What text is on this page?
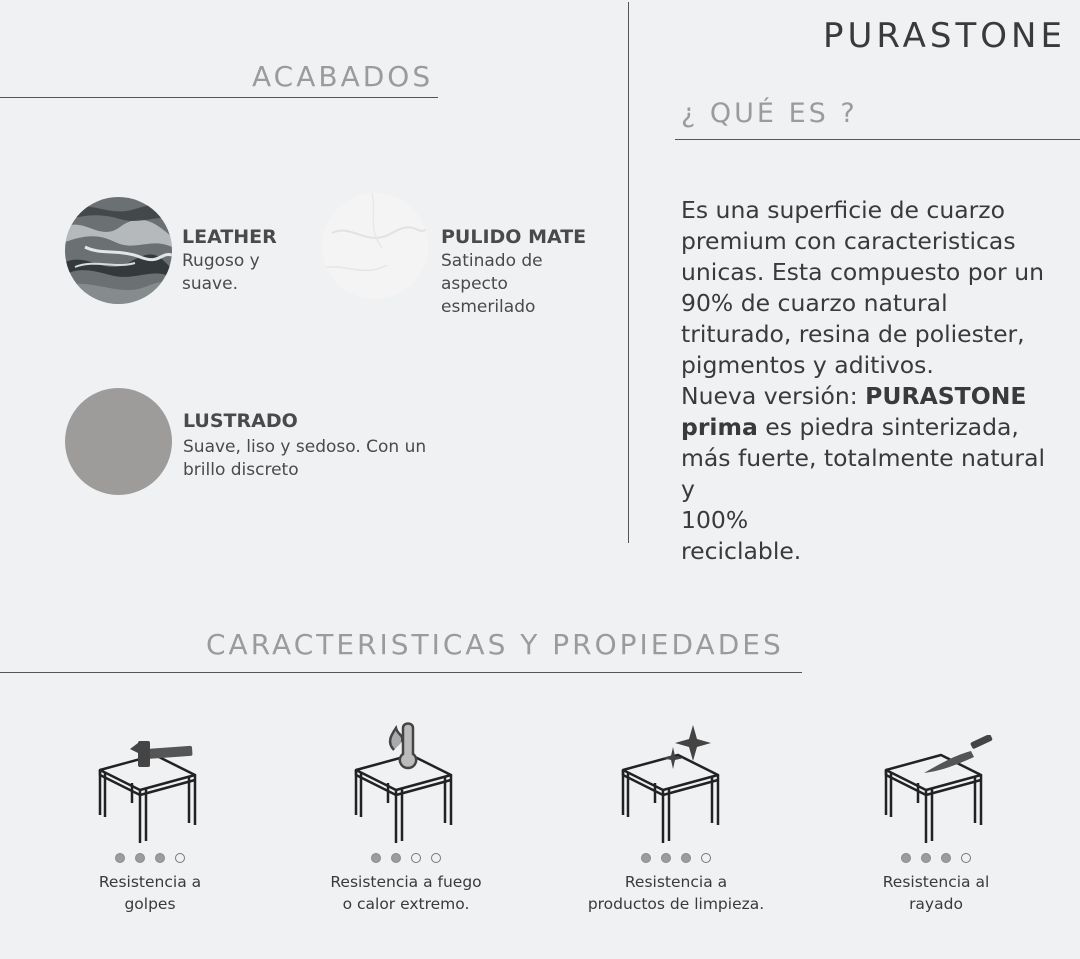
PURASTONE
ACABADOS
LEATHER
Rugoso y
suave.
PULIDO MATE
Satinado de
aspecto
esmerilado
LUSTRADO
Suave, liso y sedoso. Con un
brillo discreto
¿ QUÉ ES ?
Es una superficie de cuarzo
premium con caracteristicas
unicas. Esta compuesto por un
90% de cuarzo natural
triturado, resina de poliester,
pigmentos y aditivos.
Nueva versión: PURASTONE
prima es piedra sinterizada,
más fuerte, totalmente natural y
100%
reciclable.
CARACTERISTICAS Y PROPIEDADES
Resistencia a
golpes
Resistencia a fuego
o calor extremo.
Resistencia a
productos de limpieza.
Resistencia al
rayado
